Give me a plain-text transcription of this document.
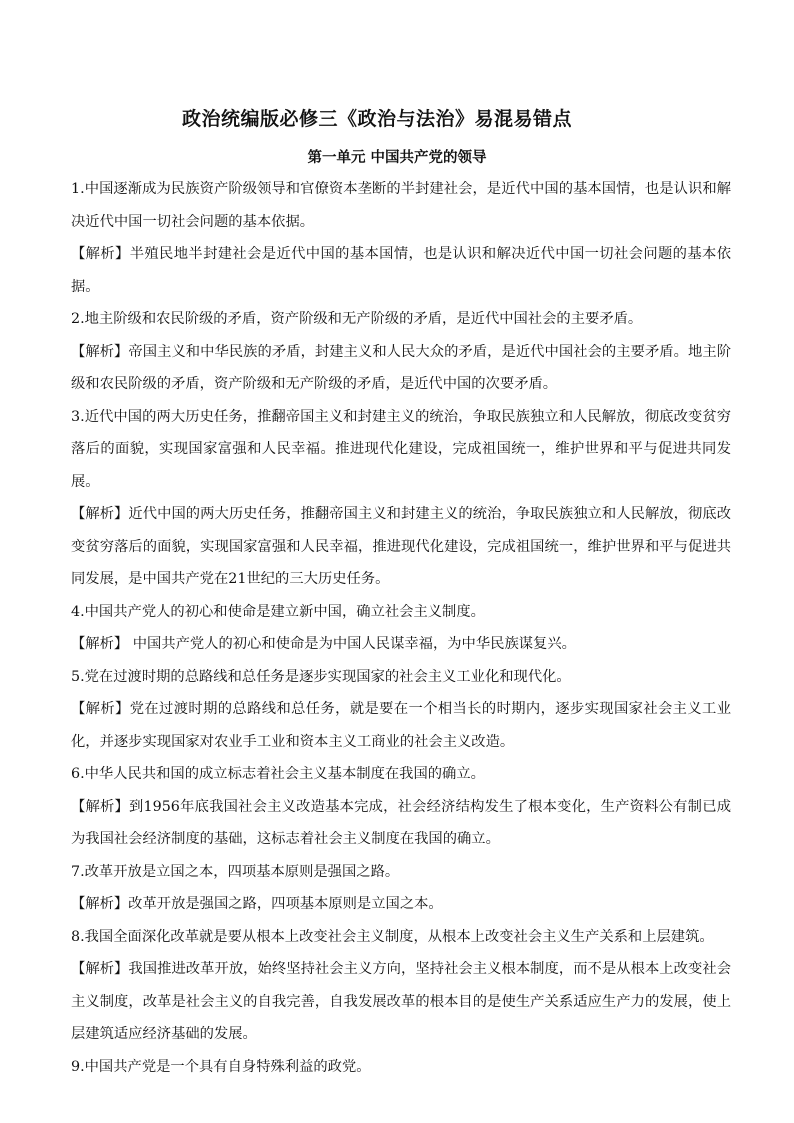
政治统编版必修三《政治与法治》易混易错点
第一单元 中国共产党的领导

1.中国逐渐成为民族资产阶级领导和官僚资本垄断的半封建社会，是近代中国的基本国情，也是认识和解决近代中国一切社会问题的基本依据。

【解析】半殖民地半封建社会是近代中国的基本国情，也是认识和解决近代中国一切社会问题的基本依据。

2.地主阶级和农民阶级的矛盾，资产阶级和无产阶级的矛盾，是近代中国社会的主要矛盾。

【解析】帝国主义和中华民族的矛盾，封建主义和人民大众的矛盾，是近代中国社会的主要矛盾。地主阶级和农民阶级的矛盾，资产阶级和无产阶级的矛盾，是近代中国的次要矛盾。

3.近代中国的两大历史任务，推翻帝国主义和封建主义的统治，争取民族独立和人民解放，彻底改变贫穷落后的面貌，实现国家富强和人民幸福。推进现代化建设，完成祖国统一，维护世界和平与促进共同发展。

【解析】近代中国的两大历史任务，推翻帝国主义和封建主义的统治，争取民族独立和人民解放，彻底改变贫穷落后的面貌，实现国家富强和人民幸福，推进现代化建设，完成祖国统一，维护世界和平与促进共同发展，是中国共产党在21世纪的三大历史任务。

4.中国共产党人的初心和使命是建立新中国，确立社会主义制度。

【解析】 中国共产党人的初心和使命是为中国人民谋幸福，为中华民族谋复兴。

5.党在过渡时期的总路线和总任务是逐步实现国家的社会主义工业化和现代化。

【解析】党在过渡时期的总路线和总任务，就是要在一个相当长的时期内，逐步实现国家社会主义工业化，并逐步实现国家对农业手工业和资本主义工商业的社会主义改造。

6.中华人民共和国的成立标志着社会主义基本制度在我国的确立。

【解析】到1956年底我国社会主义改造基本完成，社会经济结构发生了根本变化，生产资料公有制已成为我国社会经济制度的基础，这标志着社会主义制度在我国的确立。

7.改革开放是立国之本，四项基本原则是强国之路。

【解析】改革开放是强国之路，四项基本原则是立国之本。

8.我国全面深化改革就是要从根本上改变社会主义制度，从根本上改变社会主义生产关系和上层建筑。

【解析】我国推进改革开放，始终坚持社会主义方向，坚持社会主义根本制度，而不是从根本上改变社会主义制度，改革是社会主义的自我完善，自我发展改革的根本目的是使生产关系适应生产力的发展，使上层建筑适应经济基础的发展。

9.中国共产党是一个具有自身特殊利益的政党。
